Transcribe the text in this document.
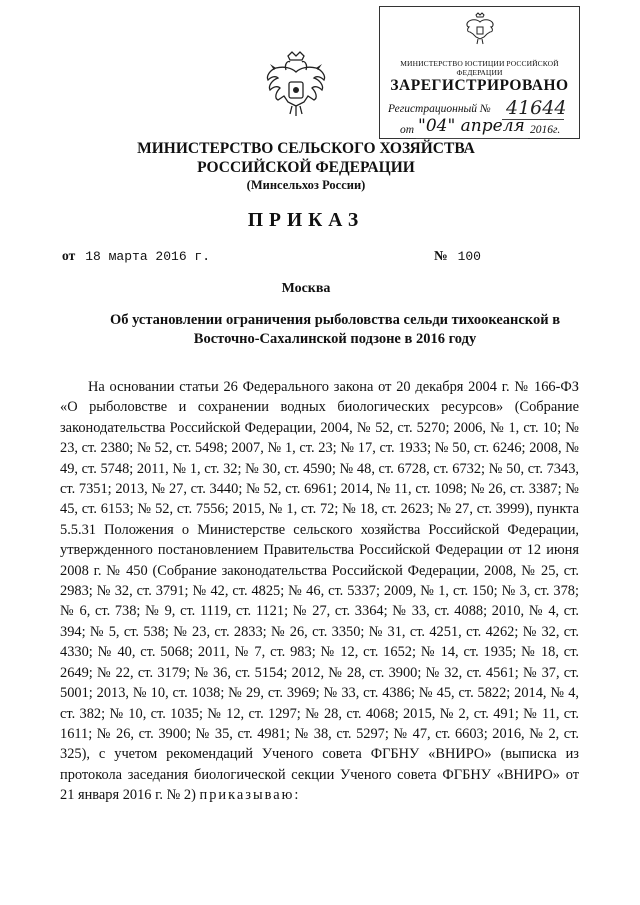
МИНИСТЕРСТВО ЮСТИЦИИ РОССИЙСКОЙ ФЕДЕРАЦИИ
ЗАРЕГИСТРИРОВАНО
Регистрационный № 41644
от "04" апреля 2016г.
МИНИСТЕРСТВО СЕЛЬСКОГО ХОЗЯЙСТВА
РОССИЙСКОЙ ФЕДЕРАЦИИ
(Минсельхоз России)
ПРИКАЗ
от 18 марта 2016 г.	№ 100
Москва
Об установлении ограничения рыболовства сельди тихоокеанской в
Восточно-Сахалинской подзоне в 2016 году

На основании статьи 26 Федерального закона от 20 декабря 2004 г. № 166-ФЗ «О рыболовстве и сохранении водных биологических ресурсов» (Собрание законодательства Российской Федерации, 2004, № 52, ст. 5270; 2006, № 1, ст. 10; № 23, ст. 2380; № 52, ст. 5498; 2007, № 1, ст. 23; № 17, ст. 1933; № 50, ст. 6246; 2008, № 49, ст. 5748; 2011, № 1, ст. 32; № 30, ст. 4590; № 48, ст. 6728, ст. 6732; № 50, ст. 7343, ст. 7351; 2013, № 27, ст. 3440; № 52, ст. 6961; 2014, № 11, ст. 1098; № 26, ст. 3387; № 45, ст. 6153; № 52, ст. 7556; 2015, № 1, ст. 72; № 18, ст. 2623; № 27, ст. 3999), пункта 5.5.31 Положения о Министерстве сельского хозяйства Российской Федерации, утвержденного постановлением Правительства Российской Федерации от 12 июня 2008 г. № 450 (Собрание законодательства Российской Федерации, 2008, № 25, ст. 2983; № 32, ст. 3791; № 42, ст. 4825; № 46, ст. 5337; 2009, № 1, ст. 150; № 3, ст. 378; № 6, ст. 738; № 9, ст. 1119, ст. 1121; № 27, ст. 3364; № 33, ст. 4088; 2010, № 4, ст. 394; № 5, ст. 538; № 23, ст. 2833; № 26, ст. 3350; № 31, ст. 4251, ст. 4262; № 32, ст. 4330; № 40, ст. 5068; 2011, № 7, ст. 983; № 12, ст. 1652; № 14, ст. 1935; № 18, ст. 2649; № 22, ст. 3179; № 36, ст. 5154; 2012, № 28, ст. 3900; № 32, ст. 4561; № 37, ст. 5001; 2013, № 10, ст. 1038; № 29, ст. 3969; № 33, ст. 4386; № 45, ст. 5822; 2014, № 4, ст. 382; № 10, ст. 1035; № 12, ст. 1297; № 28, ст. 4068; 2015, № 2, ст. 491; № 11, ст. 1611; № 26, ст. 3900; № 35, ст. 4981; № 38, ст. 5297; № 47, ст. 6603; 2016, № 2, ст. 325), с учетом рекомендаций Ученого совета ФГБНУ «ВНИРО» (выписка из протокола заседания биологической секции Ученого совета ФГБНУ «ВНИРО» от 21 января 2016 г. № 2) приказываю:
